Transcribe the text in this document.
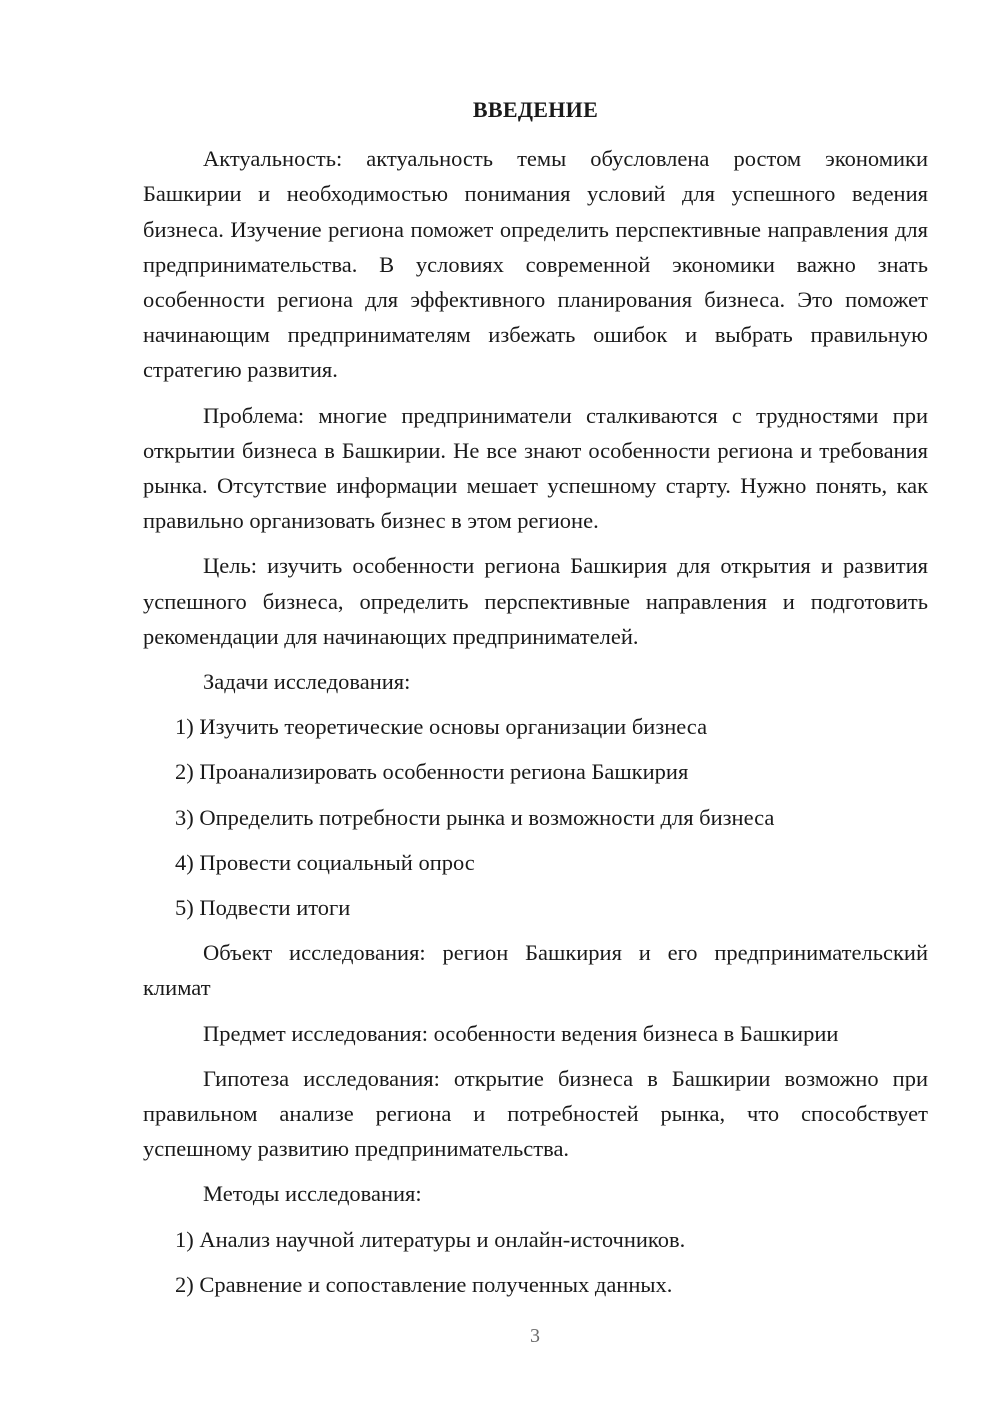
ВВЕДЕНИЕ

Актуальность: актуальность темы обусловлена ростом экономики Башкирии и необходимостью понимания условий для успешного ведения бизнеса. Изучение региона поможет определить перспективные направления для предпринимательства. В условиях современной экономики важно знать особенности региона для эффективного планирования бизнеса. Это поможет начинающим предпринимателям избежать ошибок и выбрать правильную стратегию развития.

Проблема: многие предприниматели сталкиваются с трудностями при открытии бизнеса в Башкирии. Не все знают особенности региона и требования рынка. Отсутствие информации мешает успешному старту. Нужно понять, как правильно организовать бизнес в этом регионе.

Цель: изучить особенности региона Башкирия для открытия и развития успешного бизнеса, определить перспективные направления и подготовить рекомендации для начинающих предпринимателей.

Задачи исследования:

1) Изучить теоретические основы организации бизнеса

2) Проанализировать особенности региона Башкирия

3) Определить потребности рынка и возможности для бизнеса

4) Провести социальный опрос

5) Подвести итоги

Объект исследования: регион Башкирия и его предпринимательский климат

Предмет исследования: особенности ведения бизнеса в Башкирии

Гипотеза исследования: открытие бизнеса в Башкирии возможно при правильном анализе региона и потребностей рынка, что способствует успешному развитию предпринимательства.

Методы исследования:

1) Анализ научной литературы и онлайн-источников.

2) Сравнение и сопоставление полученных данных.

3
